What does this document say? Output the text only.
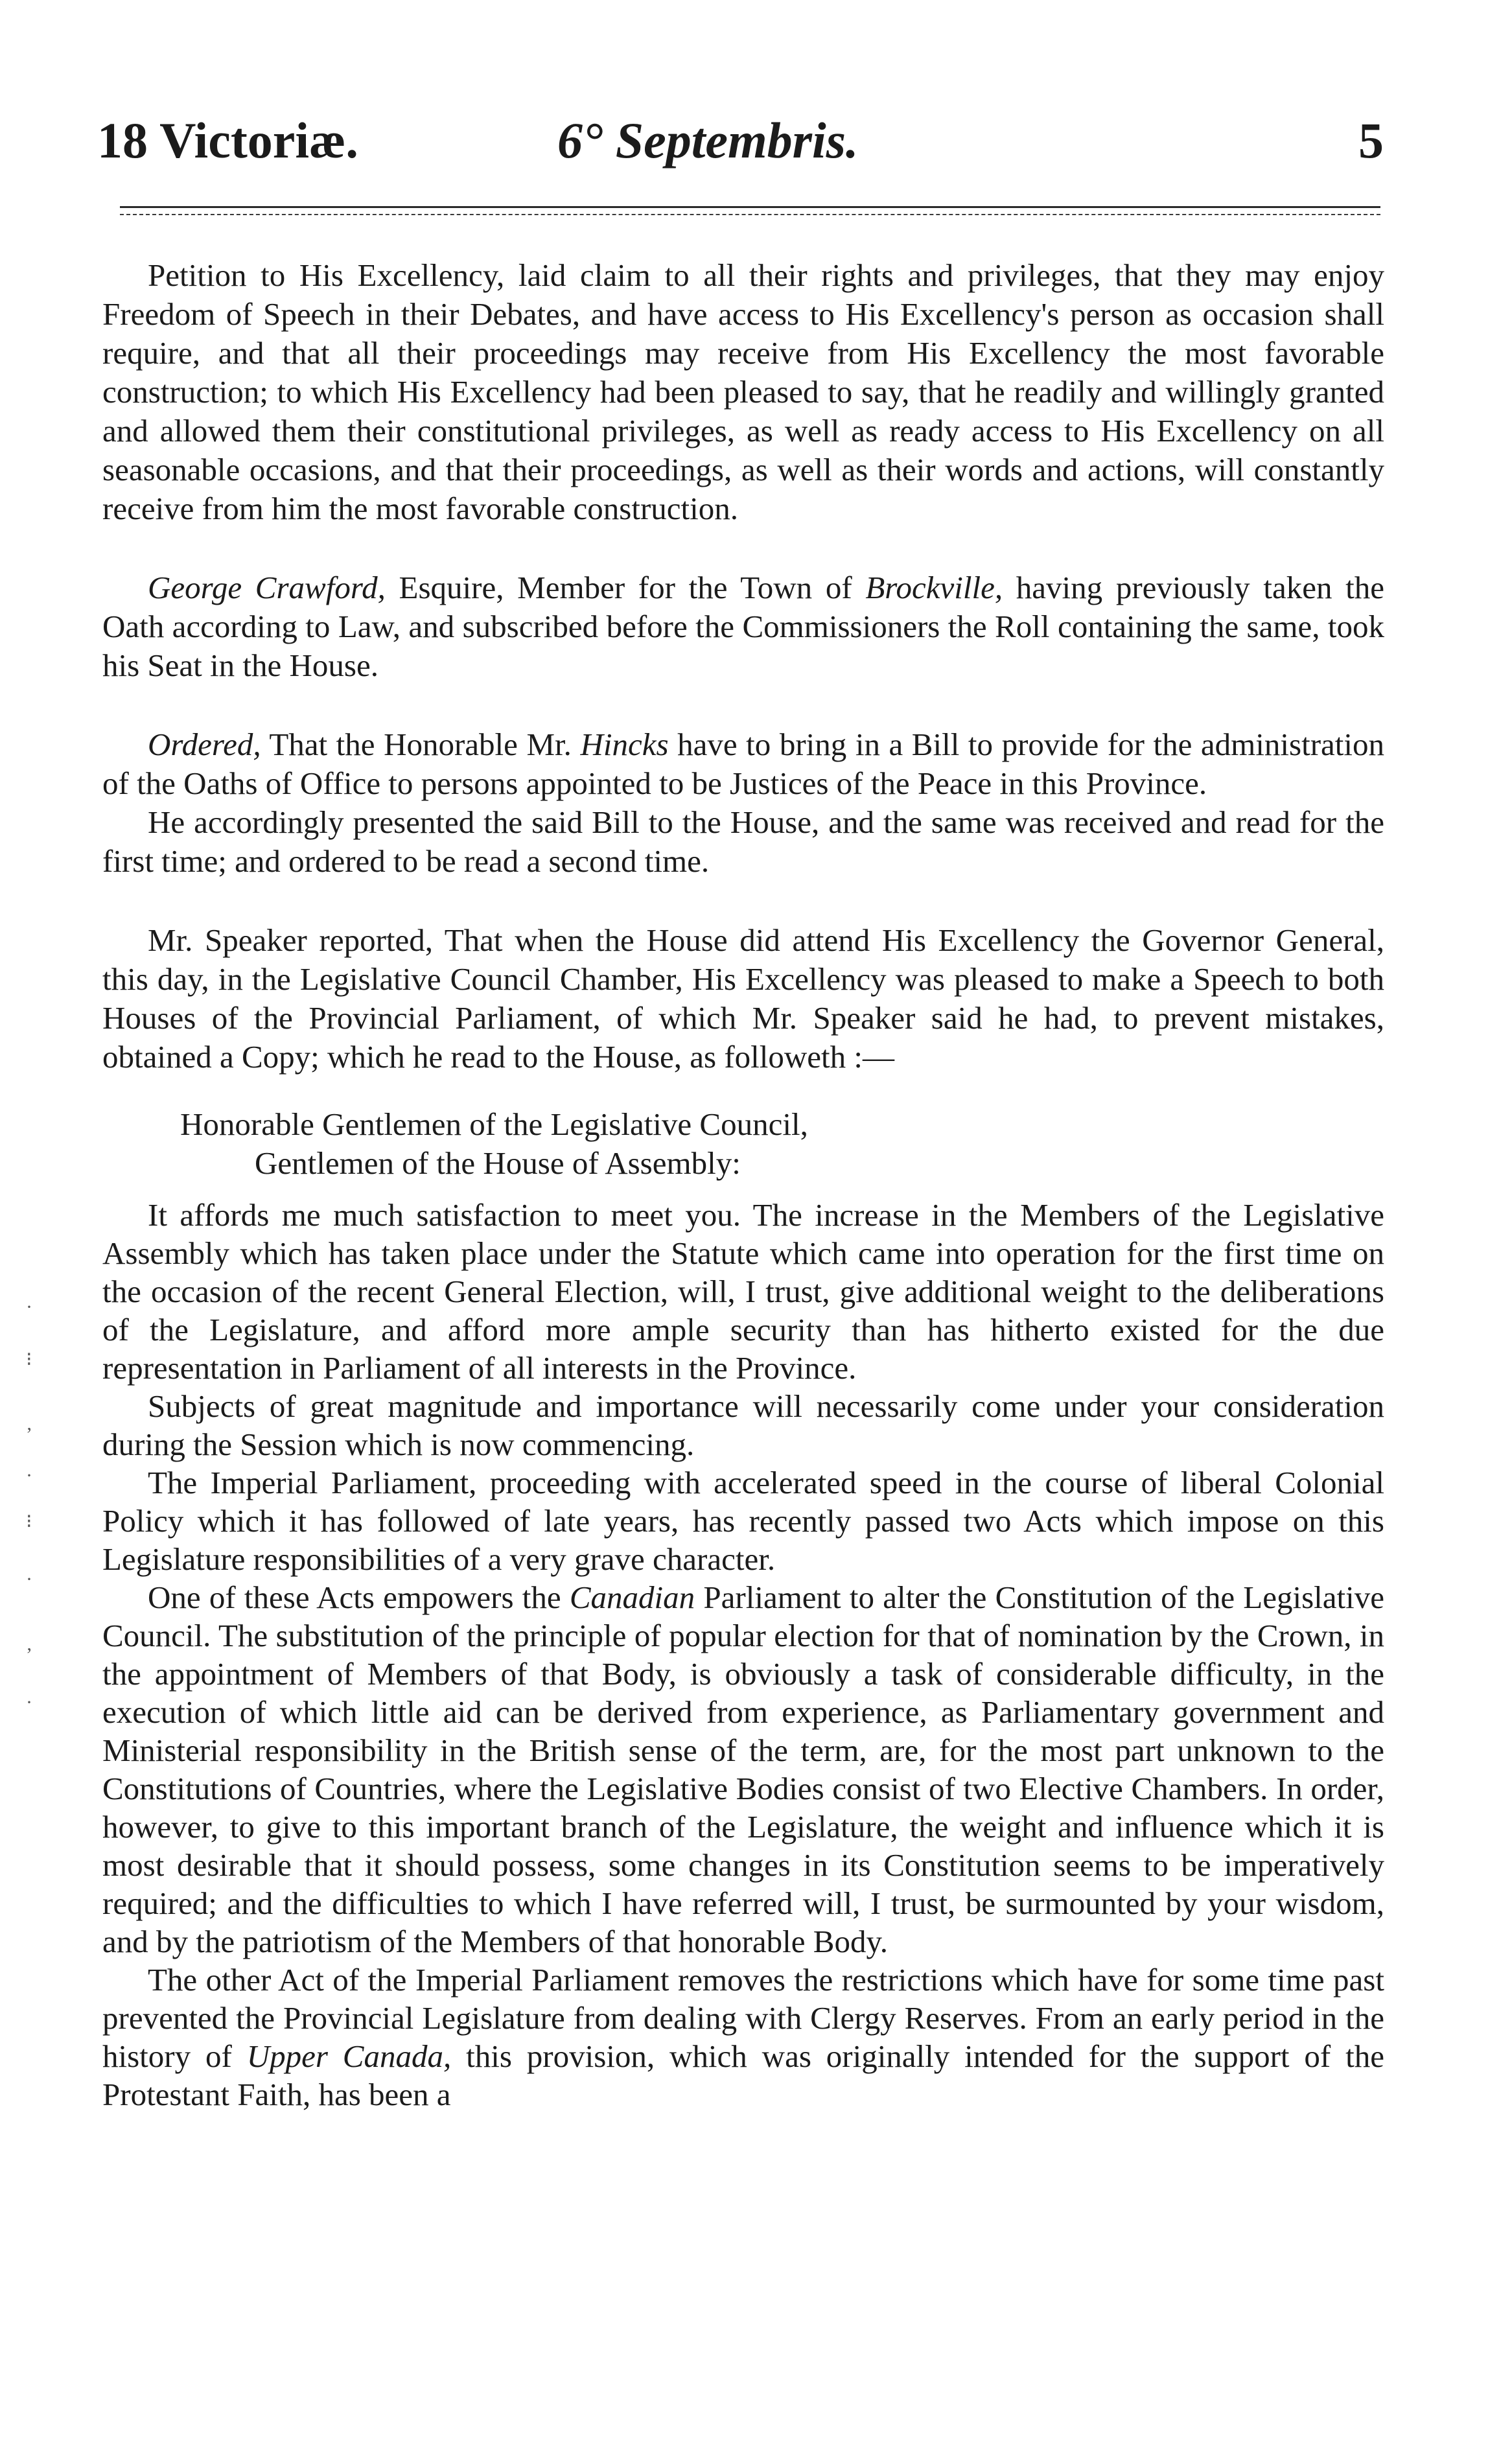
18 Victoriæ.	6° Septembris.	5
·
⁝
‚
·
⁝
·
‚
·

Petition to His Excellency, laid claim to all their rights and privileges, that they may enjoy Freedom of Speech in their Debates, and have access to His Excellency's person as occasion shall require, and that all their proceedings may receive from His Excellency the most favorable construction; to which His Excellency had been pleased to say, that he readily and willingly granted and allowed them their constitutional privileges, as well as ready access to His Excellency on all seasonable occasions, and that their proceedings, as well as their words and actions, will constantly receive from him the most favorable construction.

George Crawford, Esquire, Member for the Town of Brockville, having previously taken the Oath according to Law, and subscribed before the Commissioners the Roll containing the same, took his Seat in the House.

Ordered, That the Honorable Mr. Hincks have to bring in a Bill to provide for the administration of the Oaths of Office to persons appointed to be Justices of the Peace in this Province.

He accordingly presented the said Bill to the House, and the same was received and read for the first time; and ordered to be read a second time.

Mr. Speaker reported, That when the House did attend His Excellency the Governor General, this day, in the Legislative Council Chamber, His Excellency was pleased to make a Speech to both Houses of the Provincial Parliament, of which Mr. Speaker said he had, to prevent mistakes, obtained a Copy; which he read to the House, as followeth :—

Honorable Gentlemen of the Legislative Council,

Gentlemen of the House of Assembly:

It affords me much satisfaction to meet you. The increase in the Members of the Legislative Assembly which has taken place under the Statute which came into operation for the first time on the occasion of the recent General Election, will, I trust, give additional weight to the deliberations of the Legislature, and afford more ample security than has hitherto existed for the due representation in Parliament of all interests in the Province.

Subjects of great magnitude and importance will necessarily come under your consideration during the Session which is now commencing.

The Imperial Parliament, proceeding with accelerated speed in the course of liberal Colonial Policy which it has followed of late years, has recently passed two Acts which impose on this Legislature responsibilities of a very grave character.

One of these Acts empowers the Canadian Parliament to alter the Constitution of the Legislative Council. The substitution of the principle of popular election for that of nomination by the Crown, in the appointment of Members of that Body, is obviously a task of considerable difficulty, in the execution of which little aid can be derived from experience, as Parliamentary government and Ministerial responsibility in the British sense of the term, are, for the most part unknown to the Constitutions of Countries, where the Legislative Bodies consist of two Elective Chambers. In order, however, to give to this important branch of the Legislature, the weight and influence which it is most desirable that it should possess, some changes in its Constitution seems to be imperatively required; and the difficulties to which I have referred will, I trust, be surmounted by your wisdom, and by the patriotism of the Members of that honorable Body.

The other Act of the Imperial Parliament removes the restrictions which have for some time past prevented the Provincial Legislature from dealing with Clergy Reserves. From an early period in the history of Upper Canada, this provision, which was originally intended for the support of the Protestant Faith, has been a
